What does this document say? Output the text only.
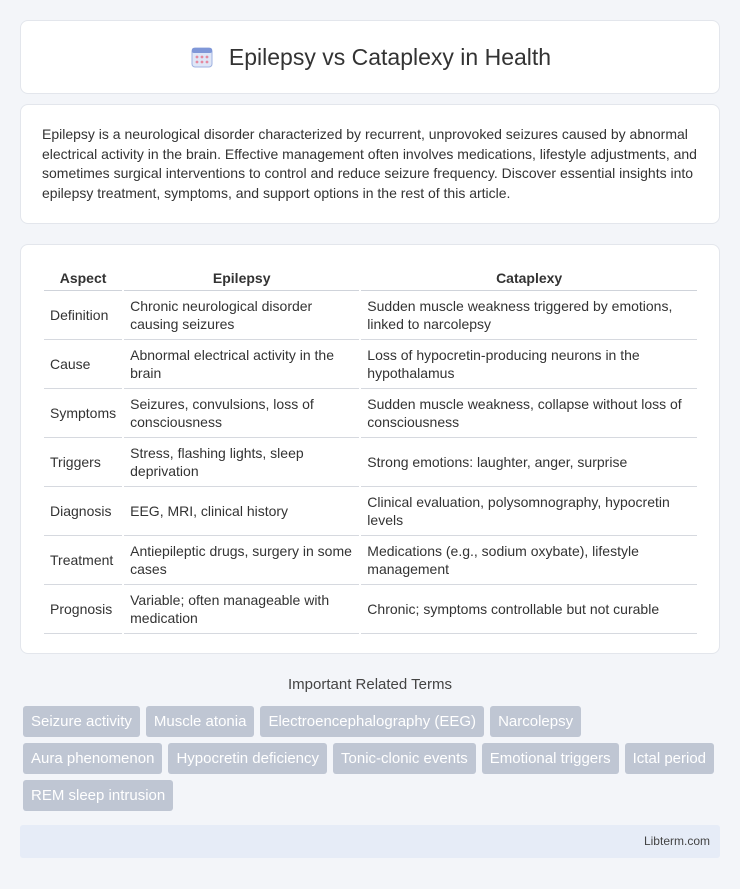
Epilepsy vs Cataplexy in Health

Epilepsy is a neurological disorder characterized by recurrent, unprovoked seizures caused by abnormal electrical activity in the brain. Effective management often involves medications, lifestyle adjustments, and sometimes surgical interventions to control and reduce seizure frequency. Discover essential insights into epilepsy treatment, symptoms, and support options in the rest of this article.

Aspect	Epilepsy	Cataplexy
Definition	Chronic neurological disorder causing seizures	Sudden muscle weakness triggered by emotions, linked to narcolepsy
Cause	Abnormal electrical activity in the brain	Loss of hypocretin-producing neurons in the hypothalamus
Symptoms	Seizures, convulsions, loss of consciousness	Sudden muscle weakness, collapse without loss of consciousness
Triggers	Stress, flashing lights, sleep deprivation	Strong emotions: laughter, anger, surprise
Diagnosis	EEG, MRI, clinical history	Clinical evaluation, polysomnography, hypocretin levels
Treatment	Antiepileptic drugs, surgery in some cases	Medications (e.g., sodium oxybate), lifestyle management
Prognosis	Variable; often manageable with medication	Chronic; symptoms controllable but not curable
Important Related Terms
Seizure activity	Muscle atonia	Electroencephalography (EEG)	Narcolepsy
Aura phenomenon	Hypocretin deficiency	Tonic-clonic events	Emotional triggers	Ictal period
REM sleep intrusion
Libterm.com
